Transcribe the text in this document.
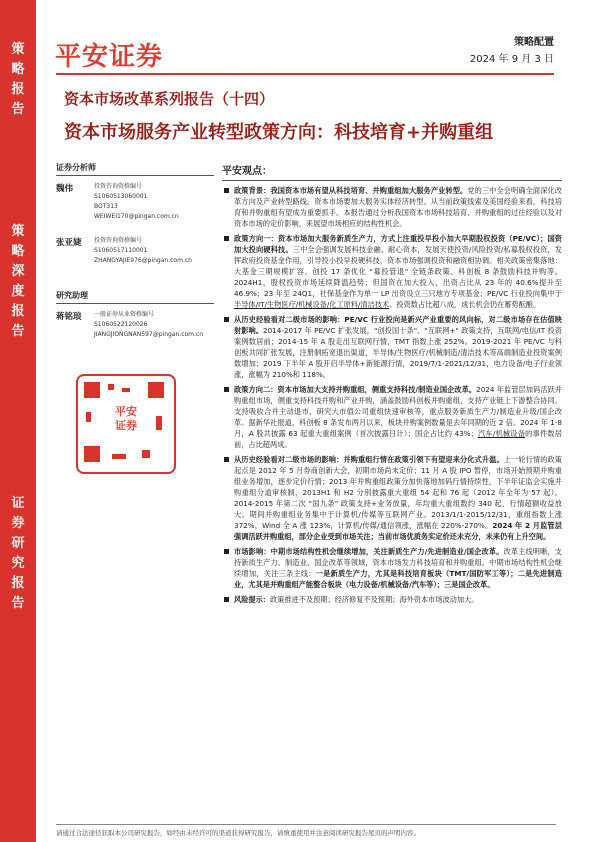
策
略
报
告
策
略
深
度
报
告
证
券
研
究
报
告
平安证券	策略配置
2024 年 9 月 3 日
资本市场改革系列报告（十四）
资本市场服务产业转型政策方向：科技培育+并购重组
证券分析师
魏伟	投资咨询资格编号
S1060513060001
BOT313
WEIWEI170@pingan.com.cn
张亚婕 投资咨询资格编号
S1060517110001
ZHANGYAJIE976@pingan.com.cn
研究助理
蒋铭琅 一般证券从业资格编号
S1060522120026
JIANGJIONGNAN597@pingan.com.cn
平安
证券
平安观点：
政策背景：我国资本市场有望从科技培育、并购重组加大服务产业转型。党的三中全会明确全面深化改革方向及产业转型路线，资本市场要加大服务实体经济转型。从当前政策线索及美国经验来看，科技培育和并购重组有望成为重要抓手。本报告通过分析我国资本市场科技培育、并购重组的过往经验以及对资本市场的定价影响，来展望市场相应的结构性机会。
政策方向一：资本市场加大服务新质生产力，方式上注重投早投小加大早期股权投资（PE/VC）；国资加大投向硬科技。三中全会强调发展科技金融、耐心资本，发展天使投资/风险投资/私募股权投资，发挥政府投资基金作用，引导投小投早投硬科技，资本市场强调投资和融资相协调。相关政策密集落地：大基金三期规模扩容、创投 17 条优化 "募投管退" 全链条政策、科创板 8 条鼓励科技并购等。2024H1，股权投资市场延续降温趋势；但国资在加大投入，出资占比从 23 年的 40.6%提升至 46.9%；23 年至 24Q1，社保基金作为单一 LP 出资设立三只地方专项基金；PE/VC 行业投向集中于半导体/IT/生物医疗/机械设备/化工原料/清洁技术。投资数占比超八成，成长机会仍在蓄势酝酿。
从历史经验看对二级市场的影响：PE/VC 行业投向是新兴产业重要的风向标，对二级市场存在估值映射影响。2014-2017 年 PE/VC 扩张发展，"创投国十条"、"互联网+" 政策支持，互联网/电信/IT 投资案例数居前；2014-15 年 A 股走出互联网行情，TMT 指数上涨 252%。2019-2021 年 PE/VC 与科创板共同扩张发展，注册制拓宽退出渠道，半导体/生物医疗/机械制造/清洁技术等高端制造业投资案例数增加；2019 下半年 A 股开启半导体+新能源行情，2019/7/1-2021/12/31，电力设备/电子行业领涨，涨幅为 210%和 118%。
政策方向二：资本市场加大支持并购重组，侧重支持科技/制造业国企改革。2024 年监管层加码活跃并购重组市场，侧重支持科技并购和产业并购，涵盖鼓励科创板并购重组、支持产业链上下游整合协同、支持吸收合并主动退市、研究大市值公司重组快速审核等，重点服务新质生产力/制造业升级/国企改革。据新华社报道，科创板 8 条发布两月以来，板块并购案例数量是去年同期的近 2 倍。2024 年 1-8 月，A 股共披露 63 起重大重组案例（首次披露日计）；国企占比约 43%；汽车/机械设备的事件数居前，占比超两成。
从历史经验看对二级市场的影响：并购重组行情在政策引领下有望迎来分化式升温。上一轮行情的政策起点是 2012 年 5 月券商创新大会，初期市场尚未定价；11 月 A 股 IPO 暂停，市场开始预期并购重组业务增加，逐步定价行情；2013 年并购重组政策分加快落地加码行情持续性，下半年证监会实施并购重组分道审核制，2013H1 和 H2 分别披露重大重组 54 起和 76 起（2012 年全年为 57 起）。2014-2015 年第二次 "国九条" 政策支持+业务放量，年均重大重组数约 340 起，行情超额收益放大。期间并购重组业务集中于计算机/传媒等互联网产业。2013/1/1-2015/12/31，重组指数上涨 372%，Wind 全 A 涨 123%，计算机/传媒/通信领涨，涨幅在 220%-270%。2024 年 2 月监管层强调活跃并购重组，部分企业受到市场关注；当前市场优质务实定价还未充分，未来仍有上升空间。
市场影响：中期市场结构性机会继续增加，关注新质生产力/先进制造业/国企改革。改革主线明晰，支持新质生产力、制造业、国企改革等领域，资本市场发力科技培育和并购重组。中期市场结构性机会继续增加，关注三条主线：一是新质生产力，尤其是科技培育板块（TMT/国防军工等）；二是先进制造业，尤其是并购重组产能整合板块（电力设备/机械设备/汽车等）；三是国企改革。
风险提示：政策推进不及预期；经济修复不及预期；海外资本市场波动加大。
请通过合法途径获取本公司研究报告，如经由未经许可的渠道获得研究报告，请慎重使用并注意阅读研究报告尾页的声明内容。
